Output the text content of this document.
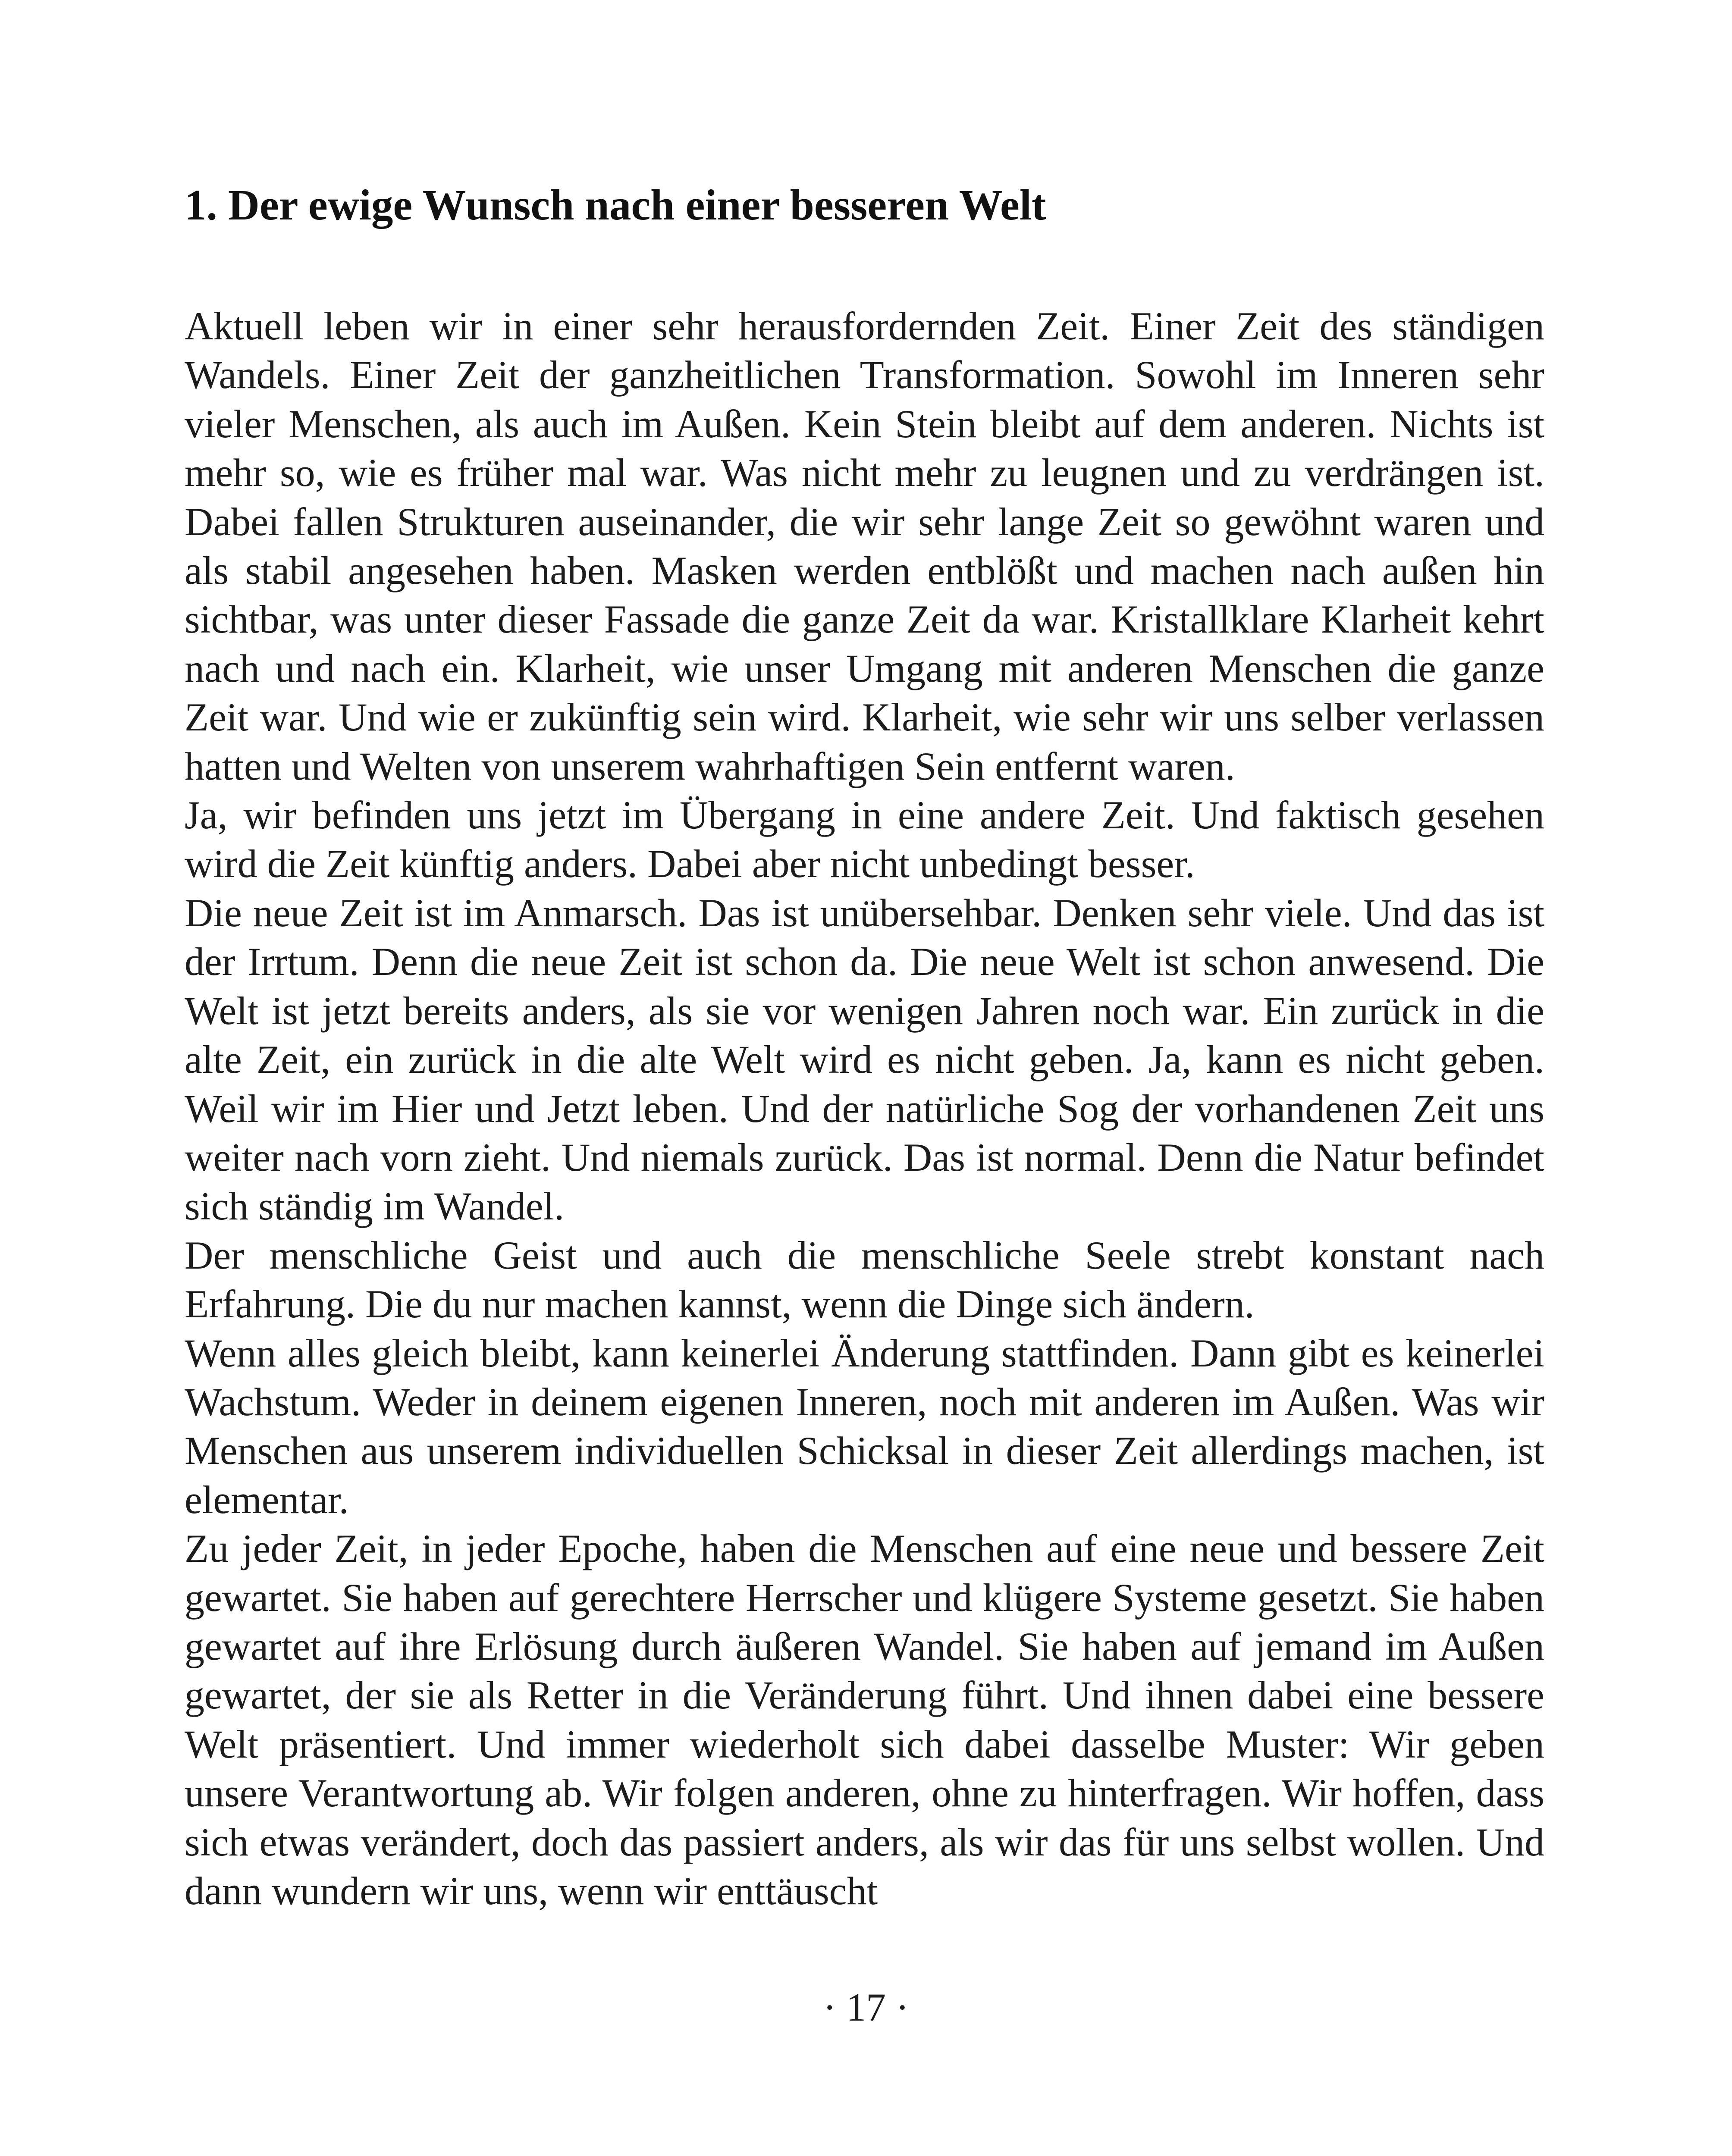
1. Der ewige Wunsch nach einer besseren Welt

Aktuell leben wir in einer sehr herausfordernden Zeit. Einer Zeit des ständigen Wandels. Einer Zeit der ganzheitlichen Transformation. Sowohl im Inneren sehr vieler Menschen, als auch im Außen. Kein Stein bleibt auf dem anderen. Nichts ist mehr so, wie es früher mal war. Was nicht mehr zu leugnen und zu verdrängen ist. Dabei fallen Strukturen auseinander, die wir sehr lange Zeit so gewöhnt waren und als stabil angesehen haben. Masken werden entblößt und machen nach außen hin sichtbar, was unter dieser Fassade die ganze Zeit da war. Kristallklare Klarheit kehrt nach und nach ein. Klarheit, wie unser Umgang mit anderen Menschen die ganze Zeit war. Und wie er zukünftig sein wird. Klarheit, wie sehr wir uns selber verlassen hatten und Welten von unserem wahrhaftigen Sein entfernt waren.

Ja, wir befinden uns jetzt im Übergang in eine andere Zeit. Und faktisch gesehen wird die Zeit künftig anders. Dabei aber nicht unbedingt besser.

Die neue Zeit ist im Anmarsch. Das ist unübersehbar. Denken sehr viele. Und das ist der Irrtum. Denn die neue Zeit ist schon da. Die neue Welt ist schon anwesend. Die Welt ist jetzt bereits anders, als sie vor wenigen Jahren noch war. Ein zurück in die alte Zeit, ein zurück in die alte Welt wird es nicht geben. Ja, kann es nicht geben. Weil wir im Hier und Jetzt leben. Und der natürliche Sog der vorhandenen Zeit uns weiter nach vorn zieht. Und niemals zurück. Das ist normal. Denn die Natur befindet sich ständig im Wandel.

Der menschliche Geist und auch die menschliche Seele strebt konstant nach Erfahrung. Die du nur machen kannst, wenn die Dinge sich ändern.

Wenn alles gleich bleibt, kann keinerlei Änderung stattfinden. Dann gibt es keinerlei Wachstum. Weder in deinem eigenen Inneren, noch mit anderen im Außen. Was wir Menschen aus unserem individuellen Schicksal in dieser Zeit allerdings machen, ist elementar.

Zu jeder Zeit, in jeder Epoche, haben die Menschen auf eine neue und bessere Zeit gewartet. Sie haben auf gerechtere Herrscher und klügere Systeme gesetzt. Sie haben gewartet auf ihre Erlösung durch äußeren Wandel. Sie haben auf jemand im Außen gewartet, der sie als Retter in die Veränderung führt. Und ihnen dabei eine bessere Welt präsentiert. Und immer wiederholt sich dabei dasselbe Muster: Wir geben unsere Verantwortung ab. Wir folgen anderen, ohne zu hinterfragen. Wir hoffen, dass sich etwas verändert, doch das passiert anders, als wir das für uns selbst wollen. Und dann wundern wir uns, wenn wir enttäuscht

· 17 ·
